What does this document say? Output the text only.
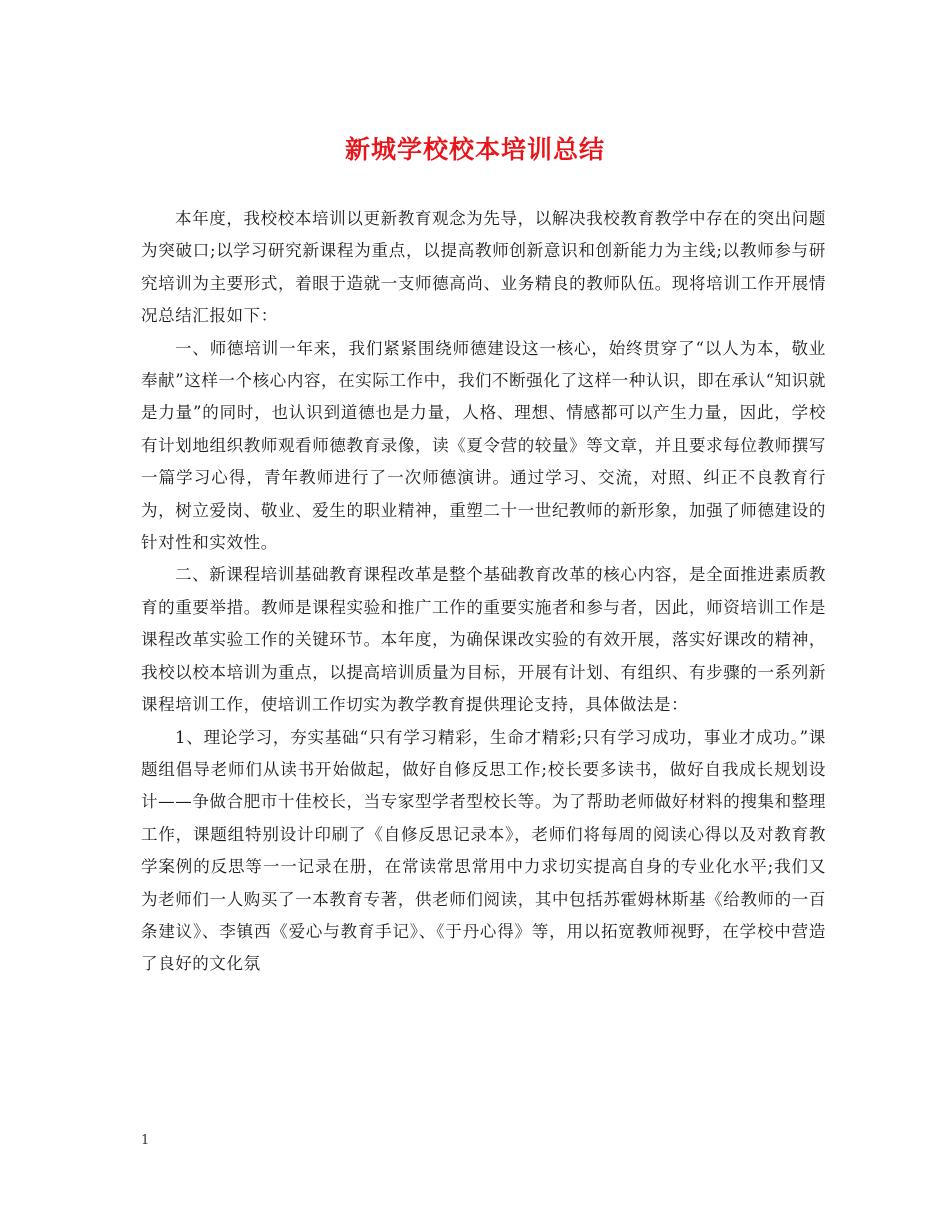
新城学校校本培训总结

本年度，我校校本培训以更新教育观念为先导，以解决我校教育教学中存在的突出问题为突破口;以学习研究新课程为重点，以提高教师创新意识和创新能力为主线;以教师参与研究培训为主要形式，着眼于造就一支师德高尚、业务精良的教师队伍。现将培训工作开展情况总结汇报如下：

一、师德培训一年来，我们紧紧围绕师德建设这一核心，始终贯穿了“以人为本，敬业奉献”这样一个核心内容，在实际工作中，我们不断强化了这样一种认识，即在承认“知识就是力量”的同时，也认识到道德也是力量，人格、理想、情感都可以产生力量，因此，学校有计划地组织教师观看师德教育录像，读《夏令营的较量》等文章，并且要求每位教师撰写一篇学习心得，青年教师进行了一次师德演讲。通过学习、交流，对照、纠正不良教育行为，树立爱岗、敬业、爱生的职业精神，重塑二十一世纪教师的新形象，加强了师德建设的针对性和实效性。

二、新课程培训基础教育课程改革是整个基础教育改革的核心内容，是全面推进素质教育的重要举措。教师是课程实验和推广工作的重要实施者和参与者，因此，师资培训工作是课程改革实验工作的关键环节。本年度，为确保课改实验的有效开展，落实好课改的精神，我校以校本培训为重点，以提高培训质量为目标，开展有计划、有组织、有步骤的一系列新课程培训工作，使培训工作切实为教学教育提供理论支持，具体做法是：

1、理论学习，夯实基础“只有学习精彩，生命才精彩;只有学习成功，事业才成功。”课题组倡导老师们从读书开始做起，做好自修反思工作;校长要多读书，做好自我成长规划设计——争做合肥市十佳校长，当专家型学者型校长等。为了帮助老师做好材料的搜集和整理工作，课题组特别设计印刷了《自修反思记录本》，老师们将每周的阅读心得以及对教育教学案例的反思等一一记录在册，在常读常思常用中力求切实提高自身的专业化水平;我们又为老师们一人购买了一本教育专著，供老师们阅读，其中包括苏霍姆林斯基《给教师的一百条建议》、李镇西《爱心与教育手记》、《于丹心得》等，用以拓宽教师视野，在学校中营造了良好的文化氛

1
